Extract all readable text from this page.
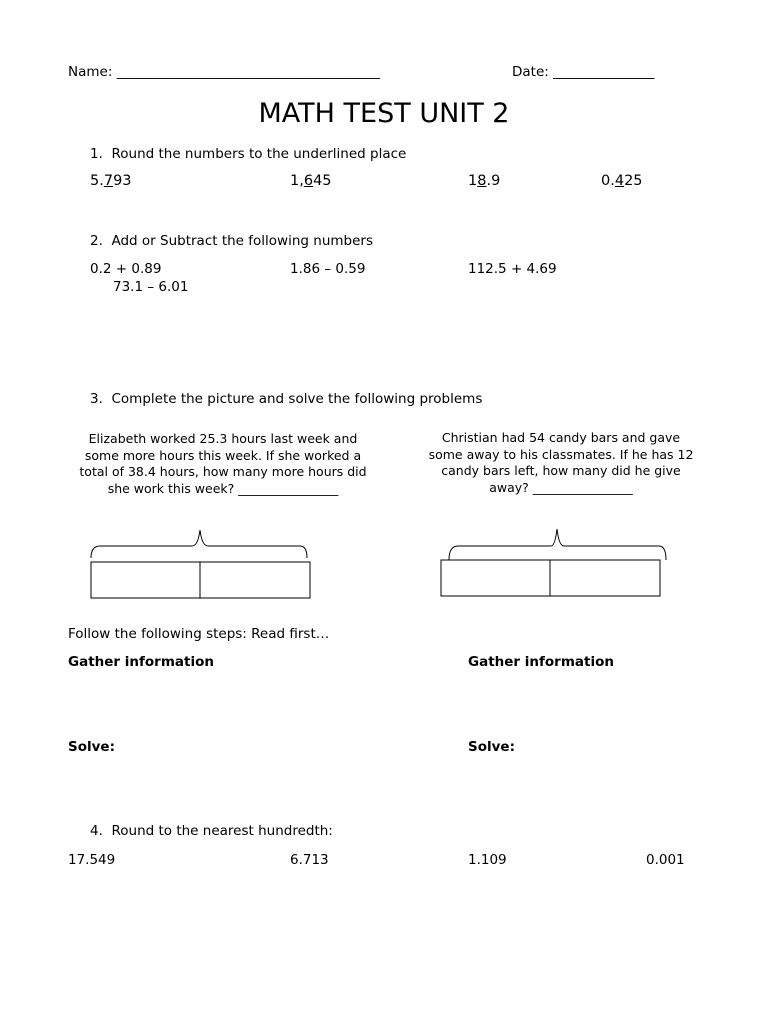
Name: _______________________________________	Date: _______________
MATH TEST UNIT 2
1. Round the numbers to the underlined place
5.793	1,645	18.9	0.425
2. Add or Subtract the following numbers
0.2 + 0.89	1.86 – 0.59	112.5 + 4.69
73.1 – 6.01
3. Complete the picture and solve the following problems
Elizabeth worked 25.3 hours last week and some more hours this week. If she worked a total of 38.4 hours, how many more hours did she work this week? ________________
Christian had 54 candy bars and gave some away to his classmates. If he has 12 candy bars left, how many did he give away? ________________
Follow the following steps: Read first…
Gather information	Gather information
Solve:	Solve:
4. Round to the nearest hundredth:
17.549	6.713	1.109	0.001
